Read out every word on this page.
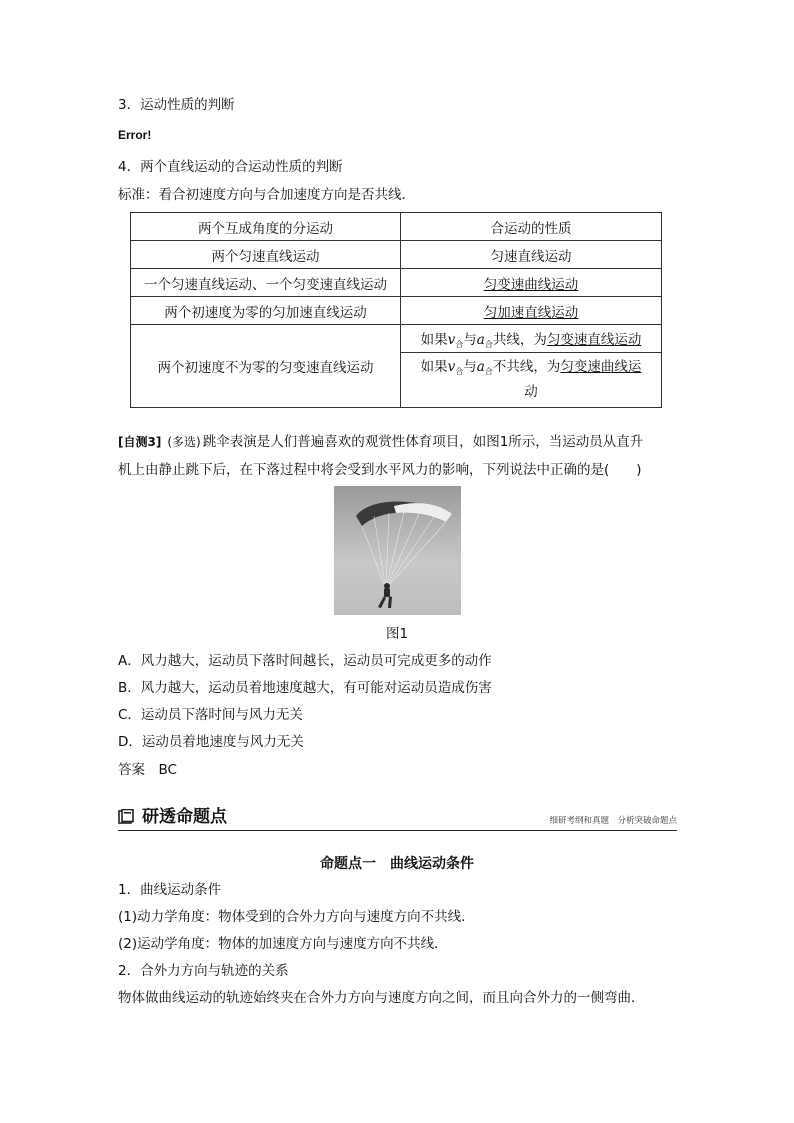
3．运动性质的判断
Error!
4．两个直线运动的合运动性质的判断
标准：看合初速度方向与合加速度方向是否共线．
两个互成角度的分运动	合运动的性质
两个匀速直线运动	匀速直线运动
一个匀速直线运动、一个匀变速直线运动	匀变速曲线运动
两个初速度为零的匀加速直线运动	匀加速直线运动
两个初速度不为零的匀变速直线运动	如果$v_合$与$a_合$共线，为匀变速直线运动
	如果$v_合$与$a_合$不共线，为匀变速曲线运
动
[自测3] (多选) 跳伞表演是人们普遍喜欢的观赏性体育项目，如图1所示，当运动员从直升
机上由静止跳下后，在下落过程中将会受到水平风力的影响，下列说法中正确的是(　　)
图1
A．风力越大，运动员下落时间越长，运动员可完成更多的动作
B．风力越大，运动员着地速度越大，有可能对运动员造成伤害
C．运动员下落时间与风力无关
D．运动员着地速度与风力无关
答案　BC
研透命题点	细研考纲和真题　分析突破命题点
命题点一　曲线运动条件
1．曲线运动条件
(1)动力学角度：物体受到的合外力方向与速度方向不共线．
(2)运动学角度：物体的加速度方向与速度方向不共线．
2．合外力方向与轨迹的关系
物体做曲线运动的轨迹始终夹在合外力方向与速度方向之间，而且向合外力的一侧弯曲．
